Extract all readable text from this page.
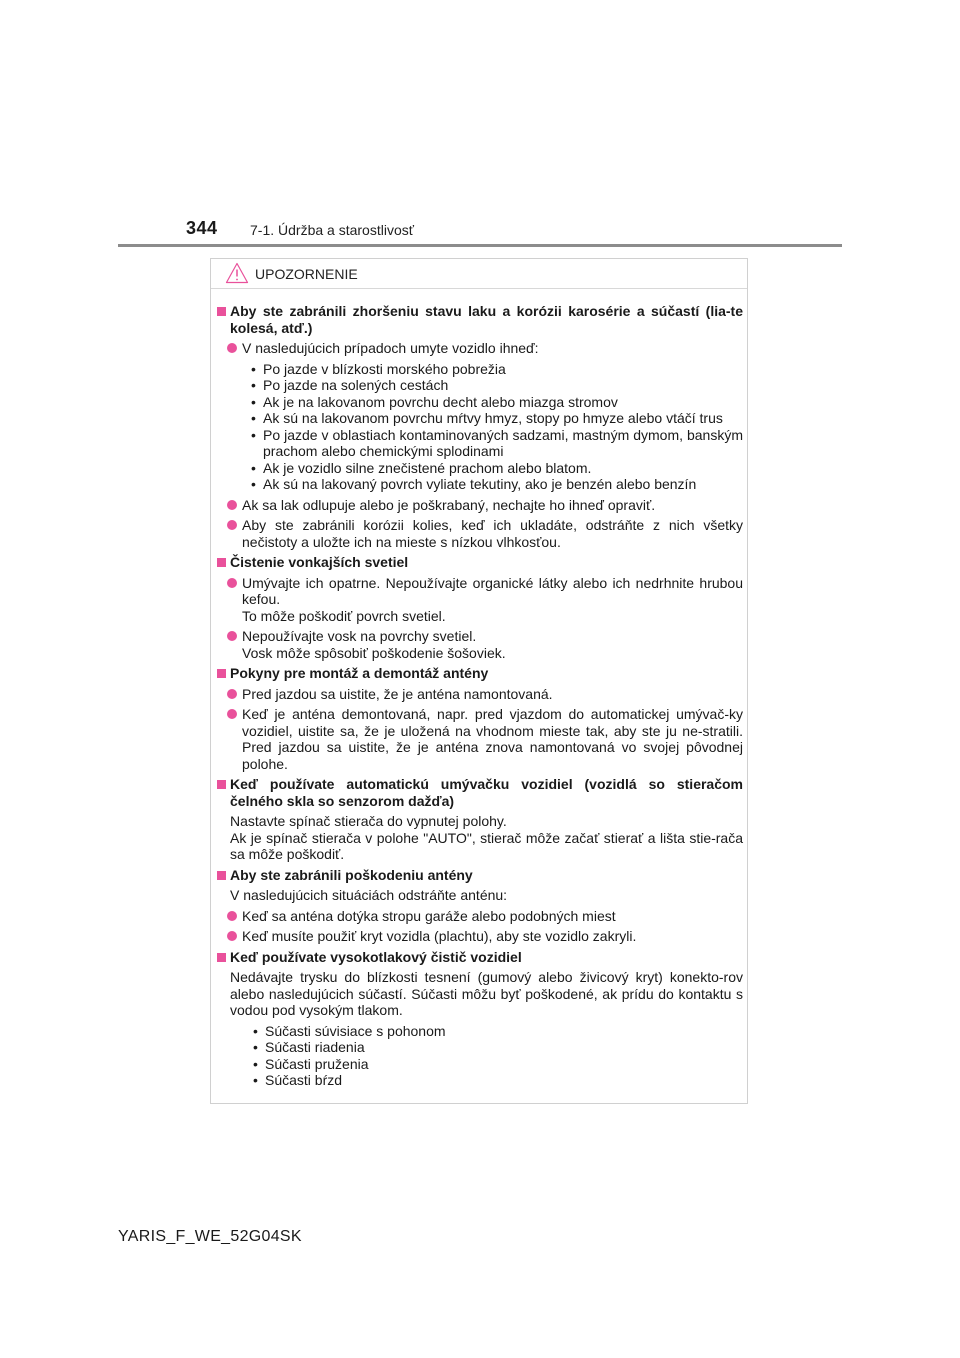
344 7-1. Údržba a starostlivosť
UPOZORNENIE
Aby ste zabránili zhoršeniu stavu laku a korózii karosérie a súčastí (lia-te kolesá, atď.)
V nasledujúcich prípadoch umyte vozidlo ihneď:
• Po jazde v blízkosti morského pobrežia
• Po jazde na solených cestách
• Ak je na lakovanom povrchu decht alebo miazga stromov
• Ak sú na lakovanom povrchu mŕtvy hmyz, stopy po hmyze alebo vtáčí trus
• Po jazde v oblastiach kontaminovaných sadzami, mastným dymom, banským prachom alebo chemickými splodinami
• Ak je vozidlo silne znečistené prachom alebo blatom.
• Ak sú na lakovaný povrch vyliate tekutiny, ako je benzén alebo benzín
Ak sa lak odlupuje alebo je poškrabaný, nechajte ho ihneď opraviť.
Aby ste zabránili korózii kolies, keď ich ukladáte, odstráňte z nich všetky nečistoty a uložte ich na mieste s nízkou vlhkosťou.
Čistenie vonkajších svetiel
Umývajte ich opatrne. Nepoužívajte organické látky alebo ich nedrhnite hrubou kefou.
To môže poškodiť povrch svetiel.
Nepoužívajte vosk na povrchy svetiel.
Vosk môže spôsobiť poškodenie šošoviek.
Pokyny pre montáž a demontáž antény
Pred jazdou sa uistite, že je anténa namontovaná.
Keď je anténa demontovaná, napr. pred vjazdom do automatickej umývač-ky vozidiel, uistite sa, že je uložená na vhodnom mieste tak, aby ste ju ne-stratili. Pred jazdou sa uistite, že je anténa znova namontovaná vo svojej pôvodnej polohe.
Keď používate automatickú umývačku vozidiel (vozidlá so stieračom čelného skla so senzorom dažďa)
Nastavte spínač stierača do vypnutej polohy.
Ak je spínač stierača v polohe "AUTO", stierač môže začať stierať a lišta stie-rača sa môže poškodiť.
Aby ste zabránili poškodeniu antény
V nasledujúcich situáciách odstráňte anténu:
Keď sa anténa dotýka stropu garáže alebo podobných miest
Keď musíte použiť kryt vozidla (plachtu), aby ste vozidlo zakryli.
Keď používate vysokotlakový čistič vozidiel
Nedávajte trysku do blízkosti tesnení (gumový alebo živicový kryt) konekto-rov alebo nasledujúcich súčastí. Súčasti môžu byť poškodené, ak prídu do kontaktu s vodou pod vysokým tlakom.
• Súčasti súvisiace s pohonom
• Súčasti riadenia
• Súčasti pruženia
• Súčasti bŕzd
YARIS_F_WE_52G04SK
